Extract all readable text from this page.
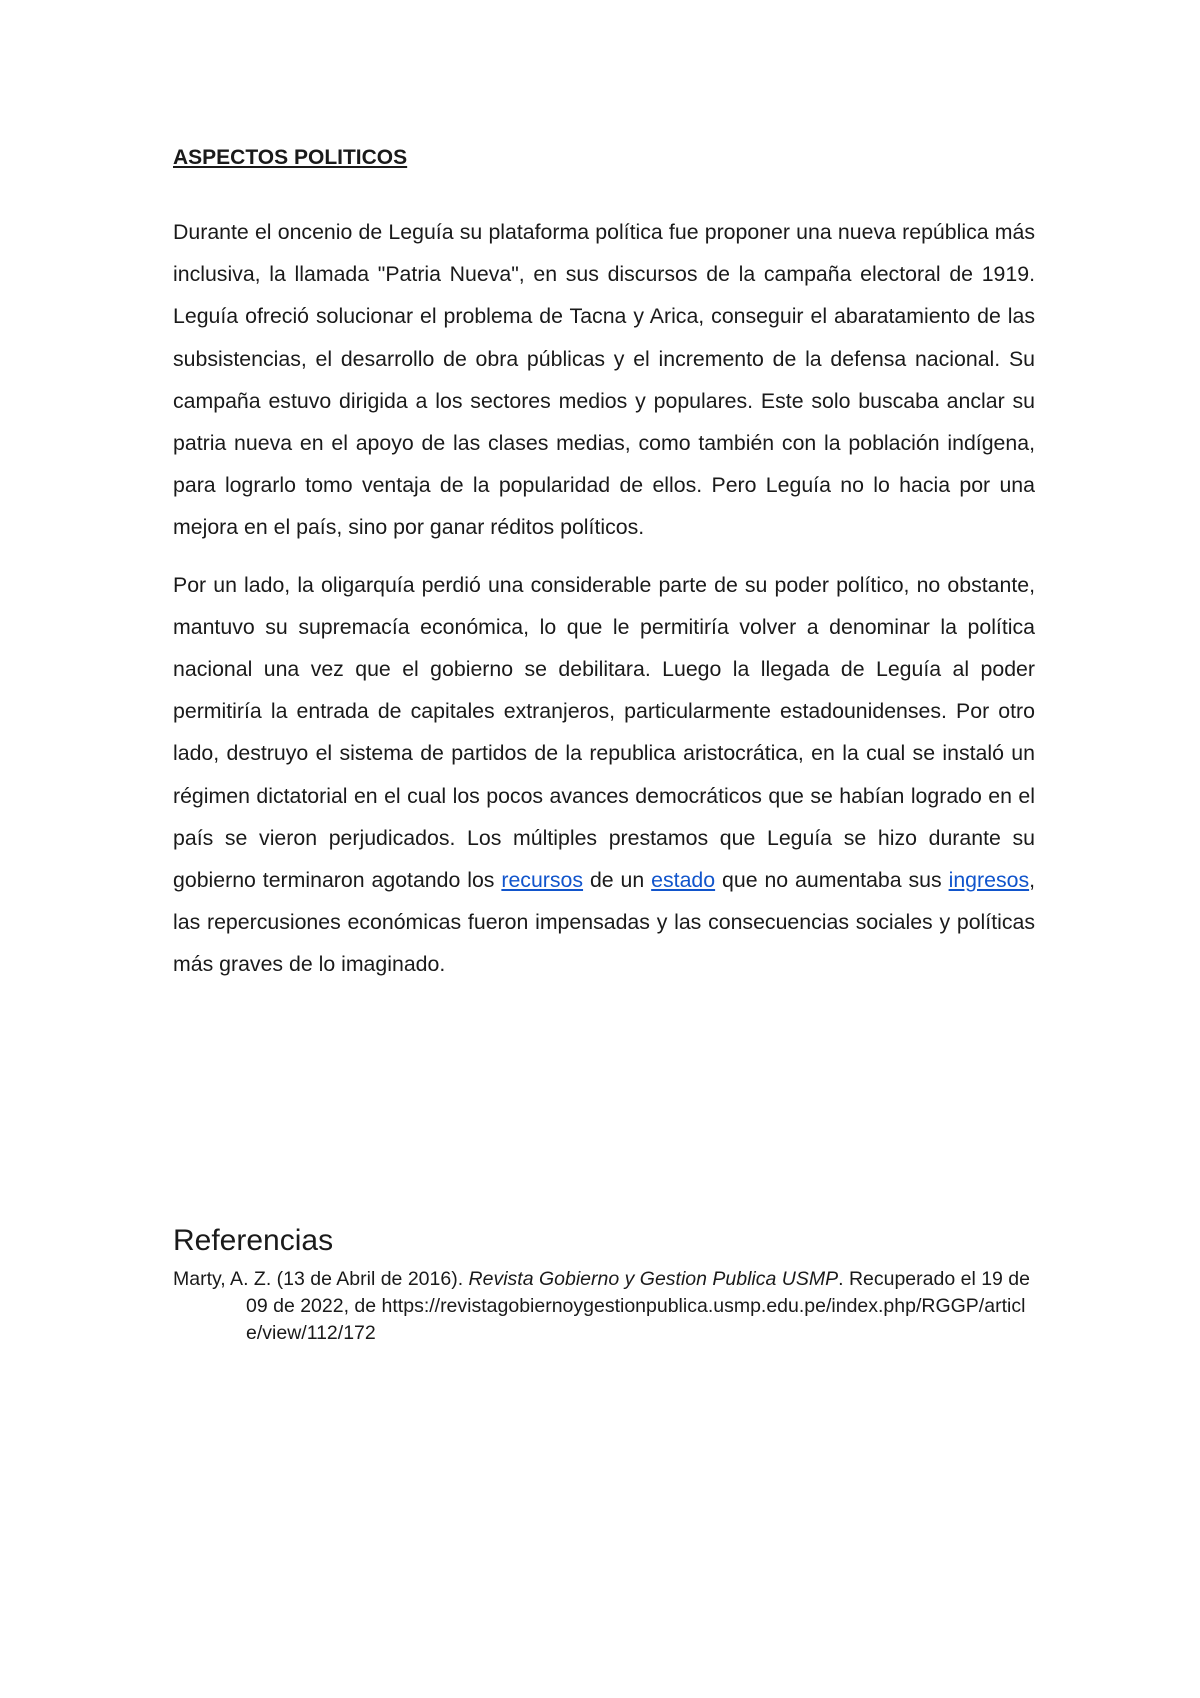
ASPECTOS POLITICOS

Durante el oncenio de Leguía su plataforma política fue proponer una nueva república más inclusiva, la llamada "Patria Nueva", en sus discursos de la campaña electoral de 1919. Leguía ofreció solucionar el problema de Tacna y Arica, conseguir el abaratamiento de las subsistencias, el desarrollo de obra públicas y el incremento de la defensa nacional. Su campaña estuvo dirigida a los sectores medios y populares. Este solo buscaba anclar su patria nueva en el apoyo de las clases medias, como también con la población indígena, para lograrlo tomo ventaja de la popularidad de ellos. Pero Leguía no lo hacia por una mejora en el país, sino por ganar réditos políticos.

Por un lado, la oligarquía perdió una considerable parte de su poder político, no obstante, mantuvo su supremacía económica, lo que le permitiría volver a denominar la política nacional una vez que el gobierno se debilitara. Luego la llegada de Leguía al poder permitiría la entrada de capitales extranjeros, particularmente estadounidenses. Por otro lado, destruyo el sistema de partidos de la republica aristocrática, en la cual se instaló un régimen dictatorial en el cual los pocos avances democráticos que se habían logrado en el país se vieron perjudicados. Los múltiples prestamos que Leguía se hizo durante su gobierno terminaron agotando los recursos de un estado que no aumentaba sus ingresos, las repercusiones económicas fueron impensadas y las consecuencias sociales y políticas más graves de lo imaginado.

Referencias

Marty, A. Z. (13 de Abril de 2016). Revista Gobierno y Gestion Publica USMP. Recuperado el 19 de 09 de 2022, de https://revistagobiernoygestionpublica.usmp.edu.pe/index.php/RGGP/article/view/112/172
